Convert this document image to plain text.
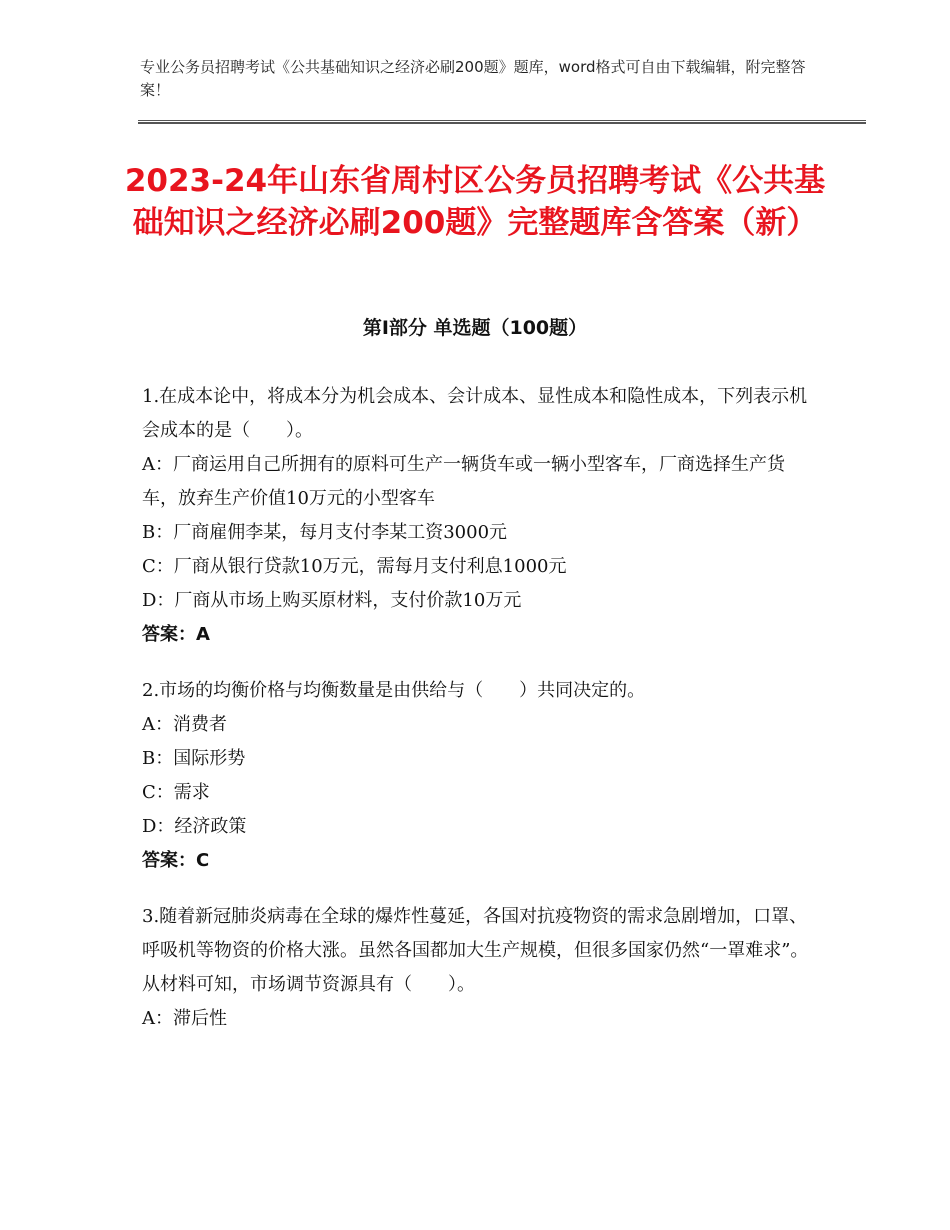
专业公务员招聘考试《公共基础知识之经济必刷200题》题库，word格式可自由下载编辑，附完整答案！
2023-24年山东省周村区公务员招聘考试《公共基础知识之经济必刷200题》完整题库含答案（新）
第Ⅰ部分 单选题（100题）

1.在成本论中，将成本分为机会成本、会计成本、显性成本和隐性成本，下列表示机会成本的是（　　）。

A：厂商运用自己所拥有的原料可生产一辆货车或一辆小型客车，厂商选择生产货车，放弃生产价值10万元的小型客车

B：厂商雇佣李某，每月支付李某工资3000元

C：厂商从银行贷款10万元，需每月支付利息1000元

D：厂商从市场上购买原材料，支付价款10万元

答案：A

2.市场的均衡价格与均衡数量是由供给与（　　）共同决定的。

A：消费者

B：国际形势

C：需求

D：经济政策

答案：C

3.随着新冠肺炎病毒在全球的爆炸性蔓延，各国对抗疫物资的需求急剧增加，口罩、呼吸机等物资的价格大涨。虽然各国都加大生产规模，但很多国家仍然“一罩难求”。从材料可知，市场调节资源具有（　　）。

A：滞后性
